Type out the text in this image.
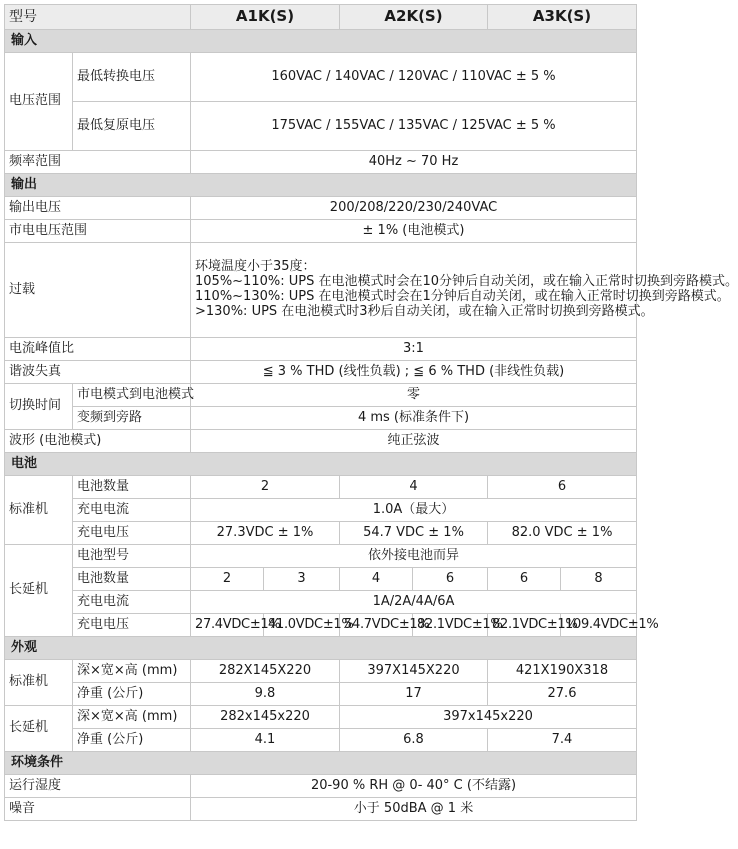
型号		A1K(S)		A2K(S)		A3K(S)	
输入							
电压范围	最低转换电压	160VAC / 140VAC / 120VAC / 110VAC ± 5 %					
	最低复原电压	175VAC / 155VAC / 135VAC / 125VAC ± 5 %					
频率范围		40Hz ~ 70 Hz					
输出							
输出电压		200/208/220/230/240VAC					
市电电压范围		± 1% (电池模式)					
过载		环境温度小于35度：
105%~110%: UPS 在电池模式时会在10分钟后自动关闭，或在输入正常时切换到旁路模式。
110%~130%: UPS 在电池模式时会在1分钟后自动关闭，或在输入正常时切换到旁路模式。
>130%: UPS 在电池模式时3秒后自动关闭，或在输入正常时切换到旁路模式。					

电流峰值比		3:1					
谐波失真		≦ 3 % THD (线性负载) ; ≦ 6 % THD (非线性负载)					
切换时间	市电模式到电池模式	零					
	变频到旁路	4 ms (标准条件下)					
波形 (电池模式)		纯正弦波					
电池							
标准机	电池数量	2		4		6	
	充电电流	1.0A（最大）					
	充电电压	27.3VDC ± 1%		54.7 VDC ± 1%		82.0 VDC ± 1%	
长延机	电池型号	依外接电池而异					
	电池数量	2	3	4	6	6	8
	充电电流	1A/2A/4A/6A					
	充电电压	27.4VDC±1%	41.0VDC±1%	54.7VDC±1%	82.1VDC±1%	82.1VDC±1%	109.4VDC±1%
外观							
标准机	深×宽×高 (mm)	282X145X220		397X145X220		421X190X318	
	净重 (公斤)	9.8		17		27.6	
长延机	深×宽×高 (mm)	282x145x220		397x145x220			
	净重 (公斤)	4.1		6.8		7.4	
环境条件							
运行湿度		20-90 % RH @ 0- 40° C (不结露)					
噪音		小于 50dBA @ 1 米					
